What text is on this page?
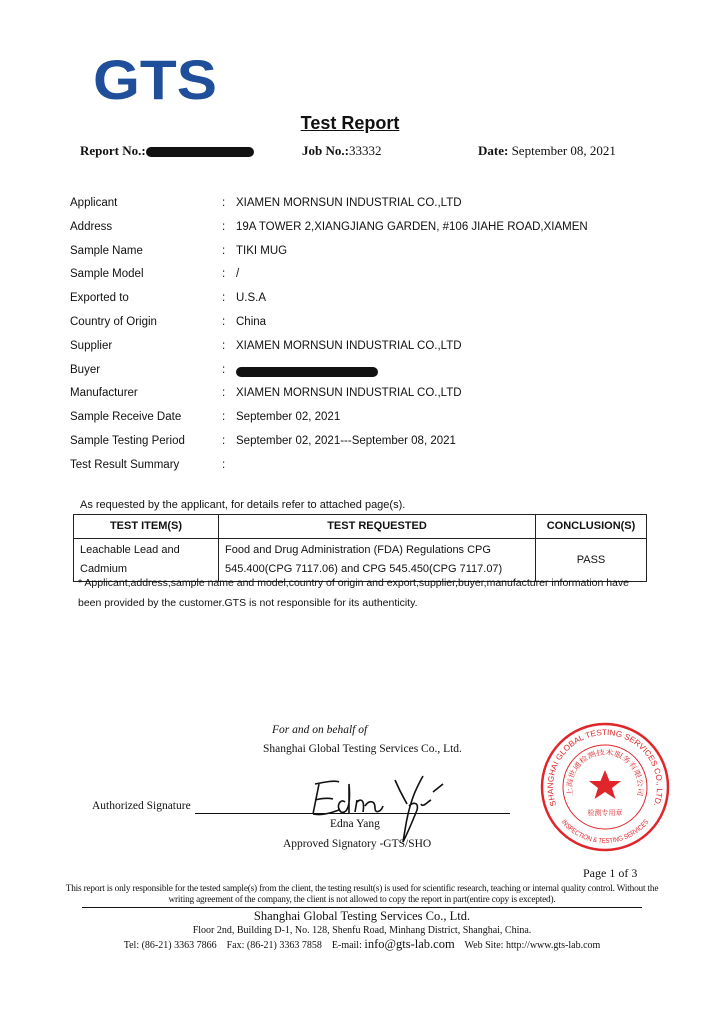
GTS
Test Report
Report No.:	Job No.:33332	Date: September 08, 2021
Applicant	: XIAMEN MORNSUN INDUSTRIAL CO.,LTD
Address	: 19A TOWER 2,XIANGJIANG GARDEN, #106 JIAHE ROAD,XIAMEN
Sample Name	: TIKI MUG
Sample Model	: /
Exported to	: U.S.A
Country of Origin	: China
Supplier	: XIAMEN MORNSUN INDUSTRIAL CO.,LTD
Buyer	:
Manufacturer	: XIAMEN MORNSUN INDUSTRIAL CO.,LTD
Sample Receive Date	: September 02, 2021
Sample Testing Period	: September 02, 2021---September 08, 2021
Test Result Summary	:
As requested by the applicant, for details refer to attached page(s).
TEST ITEM(S)	TEST REQUESTED	CONCLUSION(S)
Leachable Lead and Cadmium	Food and Drug Administration (FDA) Regulations CPG 545.400(CPG 7117.06) and CPG 545.450(CPG 7117.07)	PASS
* Applicant,address,sample name and model,country of origin and export,supplier,buyer,manufacturer information have been provided by the customer.GTS is not responsible for its authenticity.
For and on behalf of
Shanghai Global Testing Services Co., Ltd.
Authorized Signature
Edna Yang
Approved Signatory -GTS/SHO
SHANGHAI GLOBAL TESTING SERVICES CO., LTD.
INSPECTION & TESTING SERVICES
上海世通检测技术服务有限公司
检测专用章
Page 1 of 3
This report is only responsible for the tested sample(s) from the client, the testing result(s) is used for scientific research, teaching or internal quality control. Without the writing agreement of the company, the client is not allowed to copy the report in part(entire copy is excepted).
Shanghai Global Testing Services Co., Ltd.
Floor 2nd, Building D-1, No. 128, Shenfu Road, Minhang District, Shanghai, China.
Tel: (86-21) 3363 7866 Fax: (86-21) 3363 7858 E-mail: info@gts-lab.com Web Site: http://www.gts-lab.com
